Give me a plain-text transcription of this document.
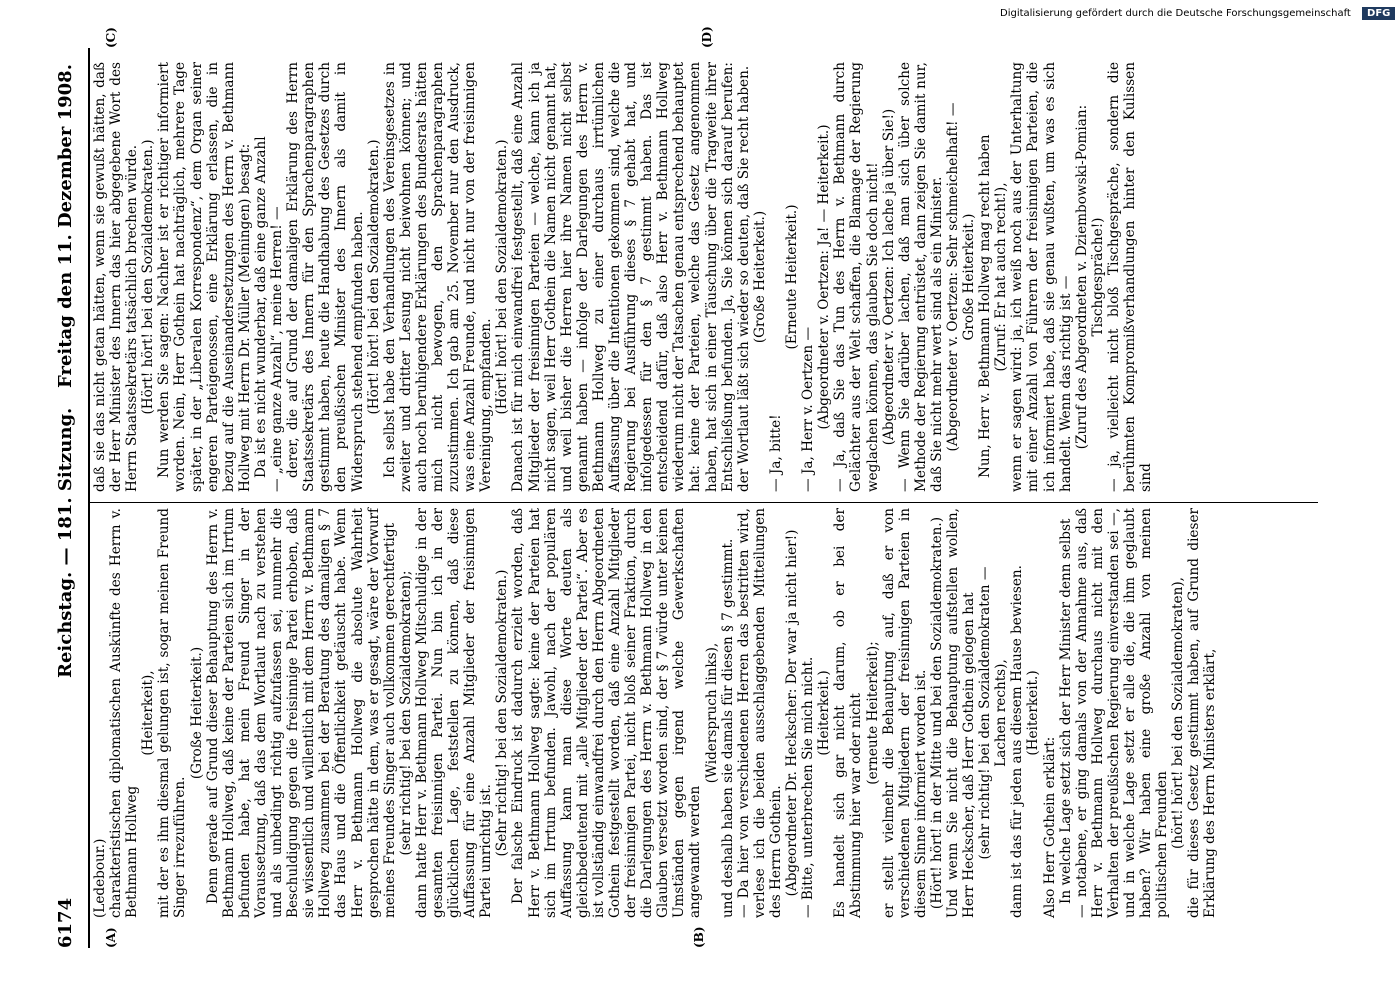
6174
Reichstag. — 181. Sitzung.
Freitag den 11. Dezember 1908.
(A)	(B)
(C)	(D)

(Ledebour.) charakteristischen diplomatischen Auskünfte des Herrn v. Bethmann Hollweg

(Heiterkeit), mit der es ihm diesmal gelungen ist, sogar meinen Freund Singer irrezuführen.

(Große Heiterkeit.) Denn gerade auf Grund dieser Behauptung des Herrn v. Bethmann Hollweg, daß keine der Parteien sich im Irrtum befunden habe, hat mein Freund Singer in der Voraussetzung, daß das dem Wortlaut nach zu verstehen und als unbedingt richtig aufzufassen sei, nunmehr die Beschuldigung gegen die freisinnige Partei erhoben, daß sie wissentlich und willentlich mit dem Herrn v. Bethmann Hollweg zusammen bei der Beratung des damaligen § 7 das Haus und die Öffentlichkeit getäuscht habe. Wenn Herr v. Bethmann Hollweg die absolute Wahrheit gesprochen hätte in dem, was er gesagt, wäre der Vorwurf meines Freundes Singer auch vollkommen gerechtfertigt (sehr richtig! bei den Sozialdemokraten); dann hatte Herr v. Bethmann Hollweg Mitschuldige in der gesamten freisinnigen Partei. Nun bin ich in der glücklichen Lage, feststellen zu können, daß diese Auffassung für eine Anzahl Mitglieder der freisinnigen Partei unrichtig ist. (Sehr richtig! bei den Sozialdemokraten.) Der falsche Eindruck ist dadurch erzielt worden, daß Herr v. Bethmann Hollweg sagte: keine der Parteien hat sich im Irrtum befunden. Jawohl, nach der populären Auffassung kann man diese Worte deuten als gleichbedeutend mit „alle Mitglieder der Partei“. Aber es ist vollständig einwandfrei durch den Herrn Abgeordneten Gothein festgestellt worden, daß eine Anzahl Mitglieder der freisinnigen Partei, nicht bloß seiner Fraktion, durch die Darlegungen des Herrn v. Bethmann Hollweg in den Glauben versetzt worden sind, der § 7 würde unter keinen Umständen gegen irgend welche Gewerkschaften angewandt werden

(Widerspruch links), und deshalb haben sie damals für diesen § 7 gestimmt. — Da hier von verschiedenen Herren das bestritten wird, verlese ich die beiden ausschlaggebenden Mitteilungen des Herrn Gothein. (Abgeordneter Dr. Heckscher: Der war ja nicht hier!) — Bitte, unterbrechen Sie mich nicht. (Heiterkeit.) Es handelt sich gar nicht darum, ob er bei der Abstimmung hier war oder nicht (erneute Heiterkeit); er stellt vielmehr die Behauptung auf, daß er von verschiedenen Mitgliedern der freisinnigen Parteien in diesem Sinne informiert worden ist. (Hört! hört! in der Mitte und bei den Sozialdemokraten.) Und wenn Sie nicht die Behauptung aufstellen wollen, Herr Heckscher, daß Herr Gothein gelogen hat (sehr richtig! bei den Sozialdemokraten — Lachen rechts), dann ist das für jeden aus diesem Hause bewiesen. (Heiterkeit.)

Also Herr Gothein erklärt: In welche Lage setzt sich der Herr Minister denn selbst — notabene, er ging damals von der Annahme aus, daß Herr v. Bethmann Hollweg durchaus nicht mit den Verhalten der preußischen Regierung einverstanden sei —, und in welche Lage setzt er alle die, die ihm geglaubt haben? Wir haben eine große Anzahl von meinen politischen Freunden (hört! hört! bei den Sozialdemokraten), die für dieses Gesetz gestimmt haben, auf Grund dieser Erklärung des Herrn Ministers erklärt,

daß sie das nicht getan hätten, wenn sie gewußt hätten, daß der Herr Minister des Innern das hier abgegebene Wort des Herrn Staatssekretärs tatsächlich brechen würde. (Hört! hört! bei den Sozialdemokraten.) Nun werden Sie sagen: Nachher ist er richtiger informiert worden. Nein, Herr Gothein hat nachträglich, mehrere Tage später, in der „Liberalen Korrespondenz“, dem Organ seiner engeren Parteigenossen, eine Erklärung erlassen, die in bezug auf die Auseinandersetzungen des Herrn v. Bethmann Hollweg mit Herrn Dr. Müller (Meiningen) besagt: Da ist es nicht wunderbar, daß eine ganze Anzahl — „eine ganze Anzahl“, meine Herren! — derer, die auf Grund der damaligen Erklärung des Herrn Staatssekretärs des Innern für den Sprachenparagraphen gestimmt haben, heute die Handhabung des Gesetzes durch den preußischen Minister des Innern als damit in Widerspruch stehend empfunden haben. (Hört! hört! bei den Sozialdemokraten.) Ich selbst habe den Verhandlungen des Vereinsgesetzes in zweiter und dritter Lesung nicht beiwohnen können; und auch noch beruhigendere Erklärungen des Bundesrats hätten mich nicht bewogen, den Sprachenparagraphen zuzustimmen. Ich gab am 25. November nur den Ausdruck, was eine Anzahl Freunde, und nicht nur von der freisinnigen Vereinigung, empfanden. (Hört! hört! bei den Sozialdemokraten.) Danach ist für mich einwandfrei festgestellt, daß eine Anzahl Mitglieder der freisinnigen Parteien — welche, kann ich ja nicht sagen, weil Herr Gothein die Namen nicht genannt hat, und weil bisher die Herren hier ihre Namen nicht selbst genannt haben — infolge der Darlegungen des Herrn v. Bethmann Hollweg zu einer durchaus irrtümlichen Auffassung über die Intentionen gekommen sind, welche die Regierung bei Ausführung dieses § 7 gehabt hat, und infolgedessen für den § 7 gestimmt haben. Das ist entscheidend dafür, daß also Herr v. Bethmann Hollweg wiederum nicht der Tatsachen genau entsprechend behauptet hat: keine der Parteien, welche das Gesetz angenommen haben, hat sich in einer Täuschung über die Tragweite ihrer Entschließung befunden. Ja, Sie können sich darauf berufen: der Wortlaut läßt sich wieder so deuten, daß Sie recht haben. (Große Heiterkeit.)

— Ja, bitte!

(Erneute Heiterkeit.)

— Ja, Herr v. Oertzen — (Abgeordneter v. Oertzen: Ja! — Heiterkeit.) — Ja, daß Sie das Tun des Herrn v. Bethmann durch Gelächter aus der Welt schaffen, die Blamage der Regierung weglachen können, das glauben Sie doch nicht! (Abgeordneter v. Oertzen: Ich lache ja über Sie!) — Wenn Sie darüber lachen, daß man sich über solche Methode der Regierung entrüstet, dann zeigen Sie damit nur, daß Sie nicht mehr wert sind als ein Minister. (Abgeordneter v. Oertzen: Sehr schmeichelhaft! — Große Heiterkeit.) Nun, Herr v. Bethmann Hollweg mag recht haben (Zuruf: Er hat auch recht!), wenn er sagen wird: ja, ich weiß noch aus der Unterhaltung mit einer Anzahl von Führern der freisinnigen Parteien, die ich informiert habe, daß sie genau wußten, um was es sich handelt. Wenn das richtig ist — (Zuruf des Abgeordneten v. Dziembowski-Pomian: Tischgespräche!) — ja, vielleicht nicht bloß Tischgespräche, sondern die berühmten Kompromißverhandlungen hinter den Kulissen sind

Digitalisierung gefördert durch die Deutsche Forschungsgemeinschaft DFG
